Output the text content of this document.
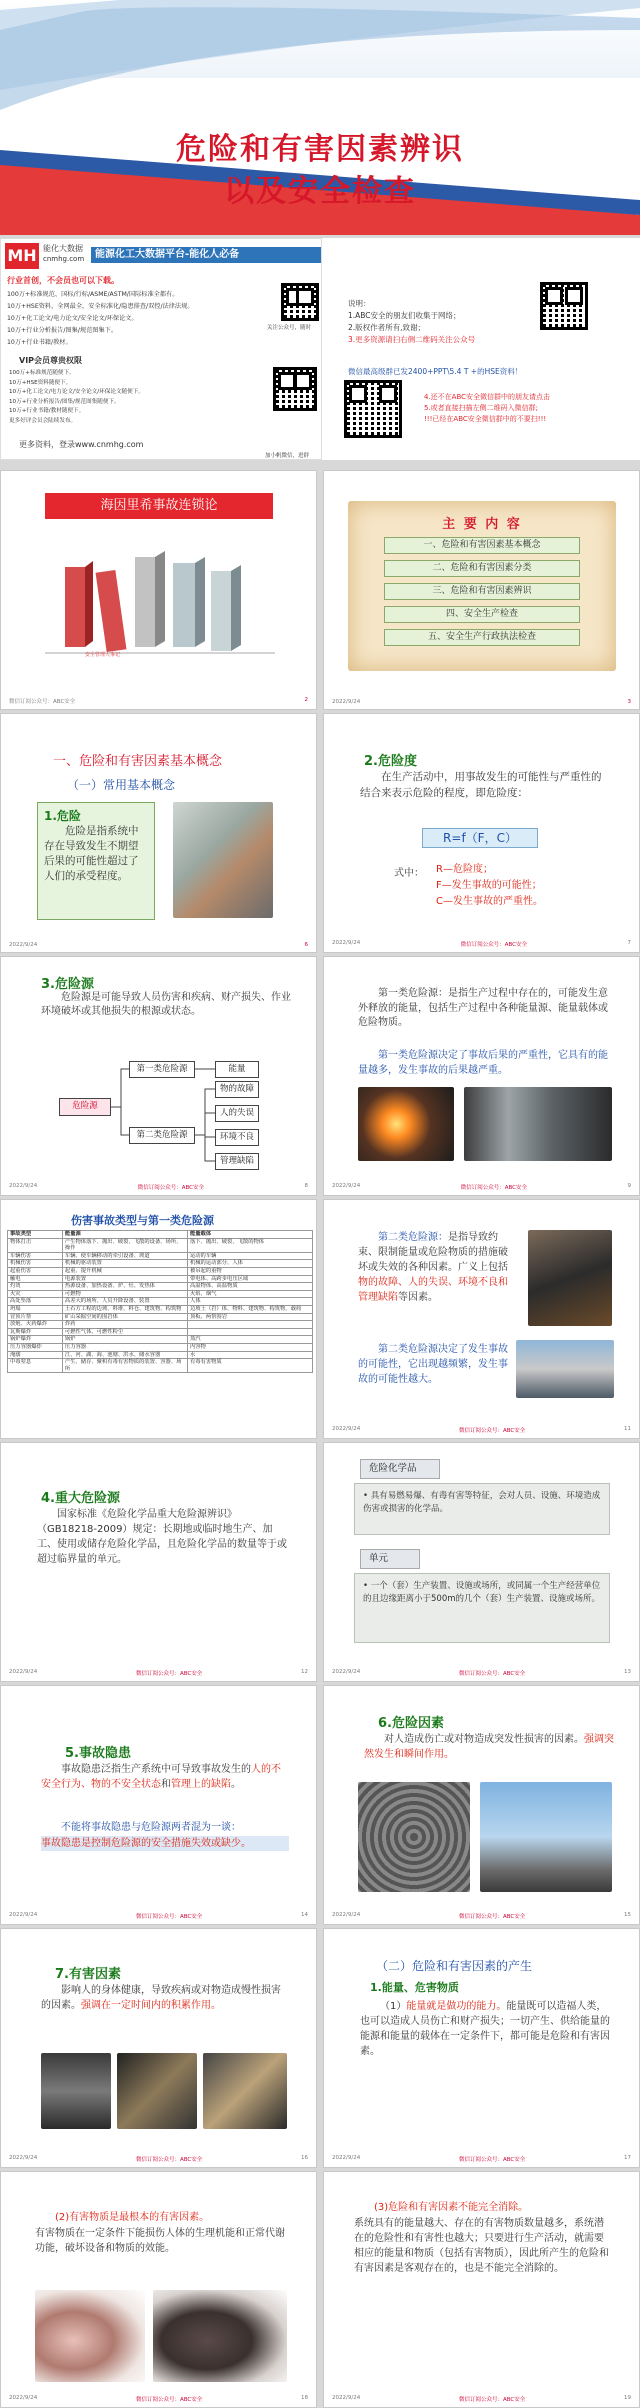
危险和有害因素辨识
以及安全检查
MH 能化大数据
cnmhg.com	能源化工大数据平台-能化人必备
行业首创，不会员也可以下载。
100万+标准规范、国标/行标/ASME/ASTM/国际标准全都有。
10万+HSE资料，全网最全，安全标准化/隐患排查/双控/法律法规。
10万+化工论文/电力论文/安全论文/环保论文。
10万+行业分析报告/图集/规范图集下。
10万+行业书籍/教材。
VIP会员尊贵权限
100万+标准规范随便下。
10万+HSE资料随便下。
10万+化工论文/电力论文/安全论文/环保论文随便下。
10万+行业分析报告/图集/规范图集随便下。
10万+行业书籍/教材随便下。
更多好评会员会陆续发布。
更多资料，登录www.cnmhg.com
关注公众号，随时
加小帆微信，进群
说明：
1.ABC安全的朋友们收集于网络；
2.版权作者所有,致谢；
3.更多资源请扫右侧二维码关注公众号
微信最高级群已发2400+PPT\5.4 T +的HSE资料！
4.还不在ABC安全微信群中的朋友请点击
5.或者直接扫描左侧二维码入微信群;
!!!已经在ABC安全微信群中的不要扫!!!
海因里希事故连锁论
安全管理大事记
微信订阅公众号：ABC安全	2
主 要 内 容
一、危险和有害因素基本概念
二、危险和有害因素分类
三、危险和有害因素辨识
四、安全生产检查
五、安全生产行政执法检查
2022/9/24	3
一、危险和有害因素基本概念
（一）常用基本概念
1.危险
危险是指系统中存在导致发生不期望后果的可能性超过了人们的承受程度。
2022/9/24	6
2.危险度
在生产活动中，用事故发生的可能性与严重性的结合来表示危险的程度，即危险度：
R=f（F，C）
式中： R—危险度；
F—发生事故的可能性；
C—发生事故的严重性。
2022/9/24	微信订阅公众号：ABC安全	7
3.危险源
危险源是可能导致人员伤害和疾病、财产损失、作业环境破坏或其他损失的根源或状态。
危险源
第一类危险源
第二类危险源
能量
物的故障
人的失误
环境不良
管理缺陷
2022/9/24	微信订阅公众号：ABC安全	8
第一类危险源：是指生产过程中存在的，可能发生意外释放的能量，包括生产过程中各种能量源、能量载体或危险物质。
第一类危险源决定了事故后果的严重性，它具有的能量越多，发生事故的后果越严重。
2022/9/24	微信订阅公众号：ABC安全	9
伤害事故类型与第一类危险源
事故类型	能量源	能量载体
物体打击	产生物体落下、抛出、破裂、飞散的设备、场所、操作	落下、抛出、破裂、飞散的物体
车辆伤害	车辆、使车辆移动的牵引设备、坡道	运动的车辆
机械伤害	机械的驱动装置	机械的运动部分、人体
起重伤害	起重、提升机械	被吊起的重物
触电	电源装置	带电体、高跨步电压区域
灼烫	热源设备、加热设备、炉、灶、发热体	高温物体、高温物质
火灾	可燃物	火焰、烟气
高处坠落	高差大的场所、人员升降设备、装置	人体
坍塌	土石方工程的边坡、料堆、料仓、建筑物、构筑物	边坡土（岩）体、物料、建筑物、构筑物、载荷
冒顶片帮	矿山采掘空间的围岩体	顶板、两帮围岩
放炮、火药爆炸	炸药	
瓦斯爆炸	可燃性气体、可燃性粉尘	
锅炉爆炸	锅炉	蒸汽
压力容器爆炸	压力容器	内容物
淹溺	江、河、湖、海、池塘、洪水、储水容器	水
中毒窒息	产生、储存、聚积有毒有害物质的装置、容器、场所	有毒有害物质
第二类危险源：是指导致约束、限制能量或危险物质的措施破坏或失效的各种因素。广义上包括物的故障、人的失误、环境不良和管理缺陷等因素。
第二类危险源决定了发生事故的可能性，它出现越频繁，发生事故的可能性越大。
2022/9/24	微信订阅公众号：ABC安全	11
4.重大危险源
国家标准《危险化学品重大危险源辨识》（GB18218-2009）规定：长期地或临时地生产、加工、使用或储存危险化学品，且危险化学品的数量等于或超过临界量的单元。
2022/9/24	微信订阅公众号：ABC安全	12
危险化学品
• 具有易燃易爆、有毒有害等特征，会对人员、设施、环境造成伤害或损害的化学品。
单元
• 一个（套）生产装置、设施或场所，或同属一个生产经营单位的且边缘距离小于500m的几个（套）生产装置、设施或场所。
2022/9/24	微信订阅公众号：ABC安全	13
5.事故隐患
事故隐患泛指生产系统中可导致事故发生的人的不安全行为、物的不安全状态和管理上的缺陷。
不能将事故隐患与危险源两者混为一谈：
事故隐患是控制危险源的安全措施失效或缺少。
2022/9/24	微信订阅公众号：ABC安全	14
6.危险因素
对人造成伤亡或对物造成突发性损害的因素。强调突然发生和瞬间作用。
2022/9/24	微信订阅公众号：ABC安全	15
7.有害因素
影响人的身体健康，导致疾病或对物造成慢性损害的因素。强调在一定时间内的积累作用。
2022/9/24	微信订阅公众号：ABC安全	16
（二）危险和有害因素的产生
1.能量、危害物质
（1）能量就是做功的能力。能量既可以造福人类，也可以造成人员伤亡和财产损失；一切产生、供给能量的能源和能量的载体在一定条件下，都可能是危险和有害因素。
2022/9/24	微信订阅公众号：ABC安全	17
(2)有害物质是最根本的有害因素。
有害物质在一定条件下能损伤人体的生理机能和正常代谢功能，破坏设备和物质的效能。
2022/9/24	微信订阅公众号：ABC安全	18
(3)危险和有害因素不能完全消除。
系统具有的能量越大、存在的有害物质数量越多，系统潜在的危险性和有害性也越大；只要进行生产活动，就需要相应的能量和物质（包括有害物质），因此所产生的危险和有害因素是客观存在的，也是不能完全消除的。
2022/9/24	微信订阅公众号：ABC安全	19
